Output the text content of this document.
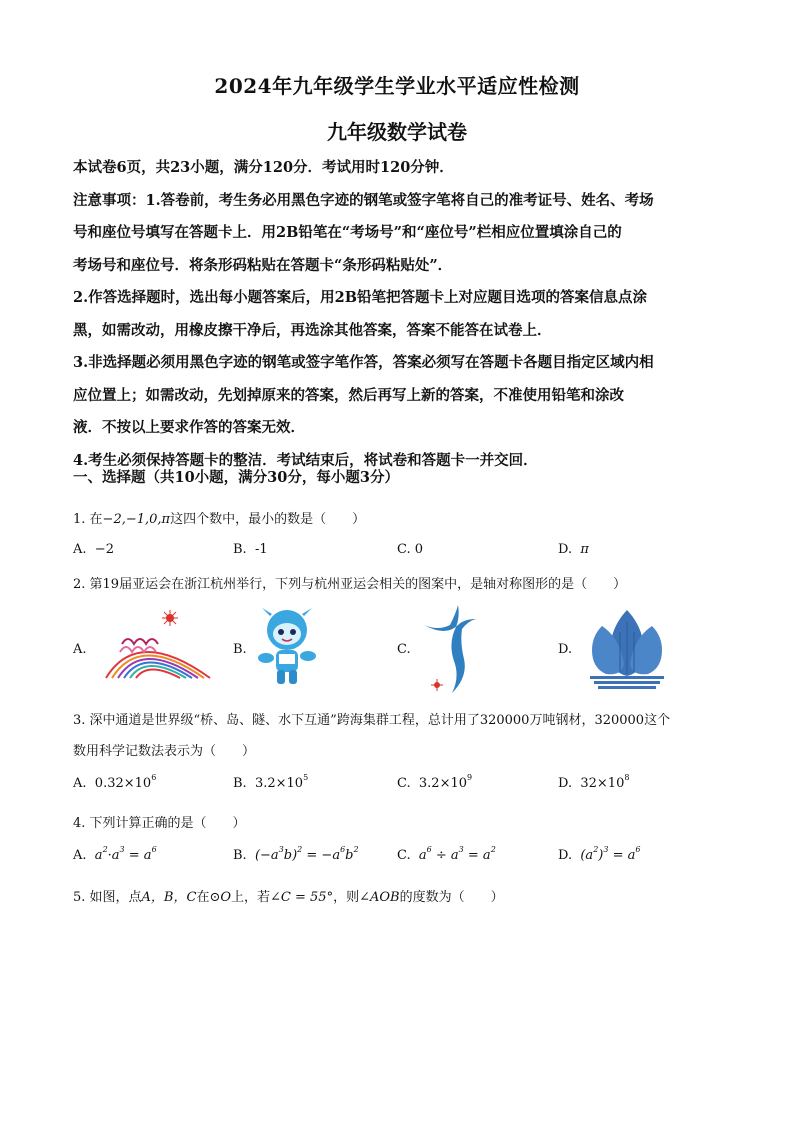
2024年九年级学生学业水平适应性检测
九年级数学试卷

本试卷6页，共23小题，满分120分．考试用时120分钟．

注意事项：1.答卷前，考生务必用黑色字迹的钢笔或签字笔将自己的准考证号、姓名、考场

号和座位号填写在答题卡上．用2B铅笔在“考场号”和“座位号”栏相应位置填涂自己的

考场号和座位号．将条形码粘贴在答题卡“条形码粘贴处”．

2.作答选择题时，选出每小题答案后，用2B铅笔把答题卡上对应题目选项的答案信息点涂

黑，如需改动，用橡皮擦干净后，再选涂其他答案，答案不能答在试卷上．

3.非选择题必须用黑色字迹的钢笔或签字笔作答，答案必须写在答题卡各题目指定区域内相

应位置上；如需改动，先划掉原来的答案，然后再写上新的答案，不准使用铅笔和涂改

液．不按以上要求作答的答案无效．

4.考生必须保持答题卡的整洁．考试结束后，将试卷和答题卡一并交回．

一、选择题（共10小题，满分30分，每小题3分）
1. 在−2,−1,0,π这四个数中，最小的数是（　　）
A. −2	B. -1	C. 0	D. π
2. 第19届亚运会在浙江杭州举行，下列与杭州亚运会相关的图案中，是轴对称图形的是（　　）
A.	B.	C.	D.
3. 深中通道是世界级“桥、岛、隧、水下互通”跨海集群工程，总计用了320000万吨钢材，320000这个
数用科学记数法表示为（　　）
A. $0.32\times 10^6$	B. $3.2\times 10^5$	C. $3.2\times 10^9$	D. $32\times 10^8$
4. 下列计算正确的是（　　）
A. $a^2\cdot a^3 = a^6$	B. $(-a^3b)^2 = -a^6b^2$	C. $a^6 \div a^3 = a^2$	D. $(a^2)^3 = a^6$
5. 如图，点A，B，C在⊙O上，若∠C = 55°，则∠AOB的度数为（　　）
